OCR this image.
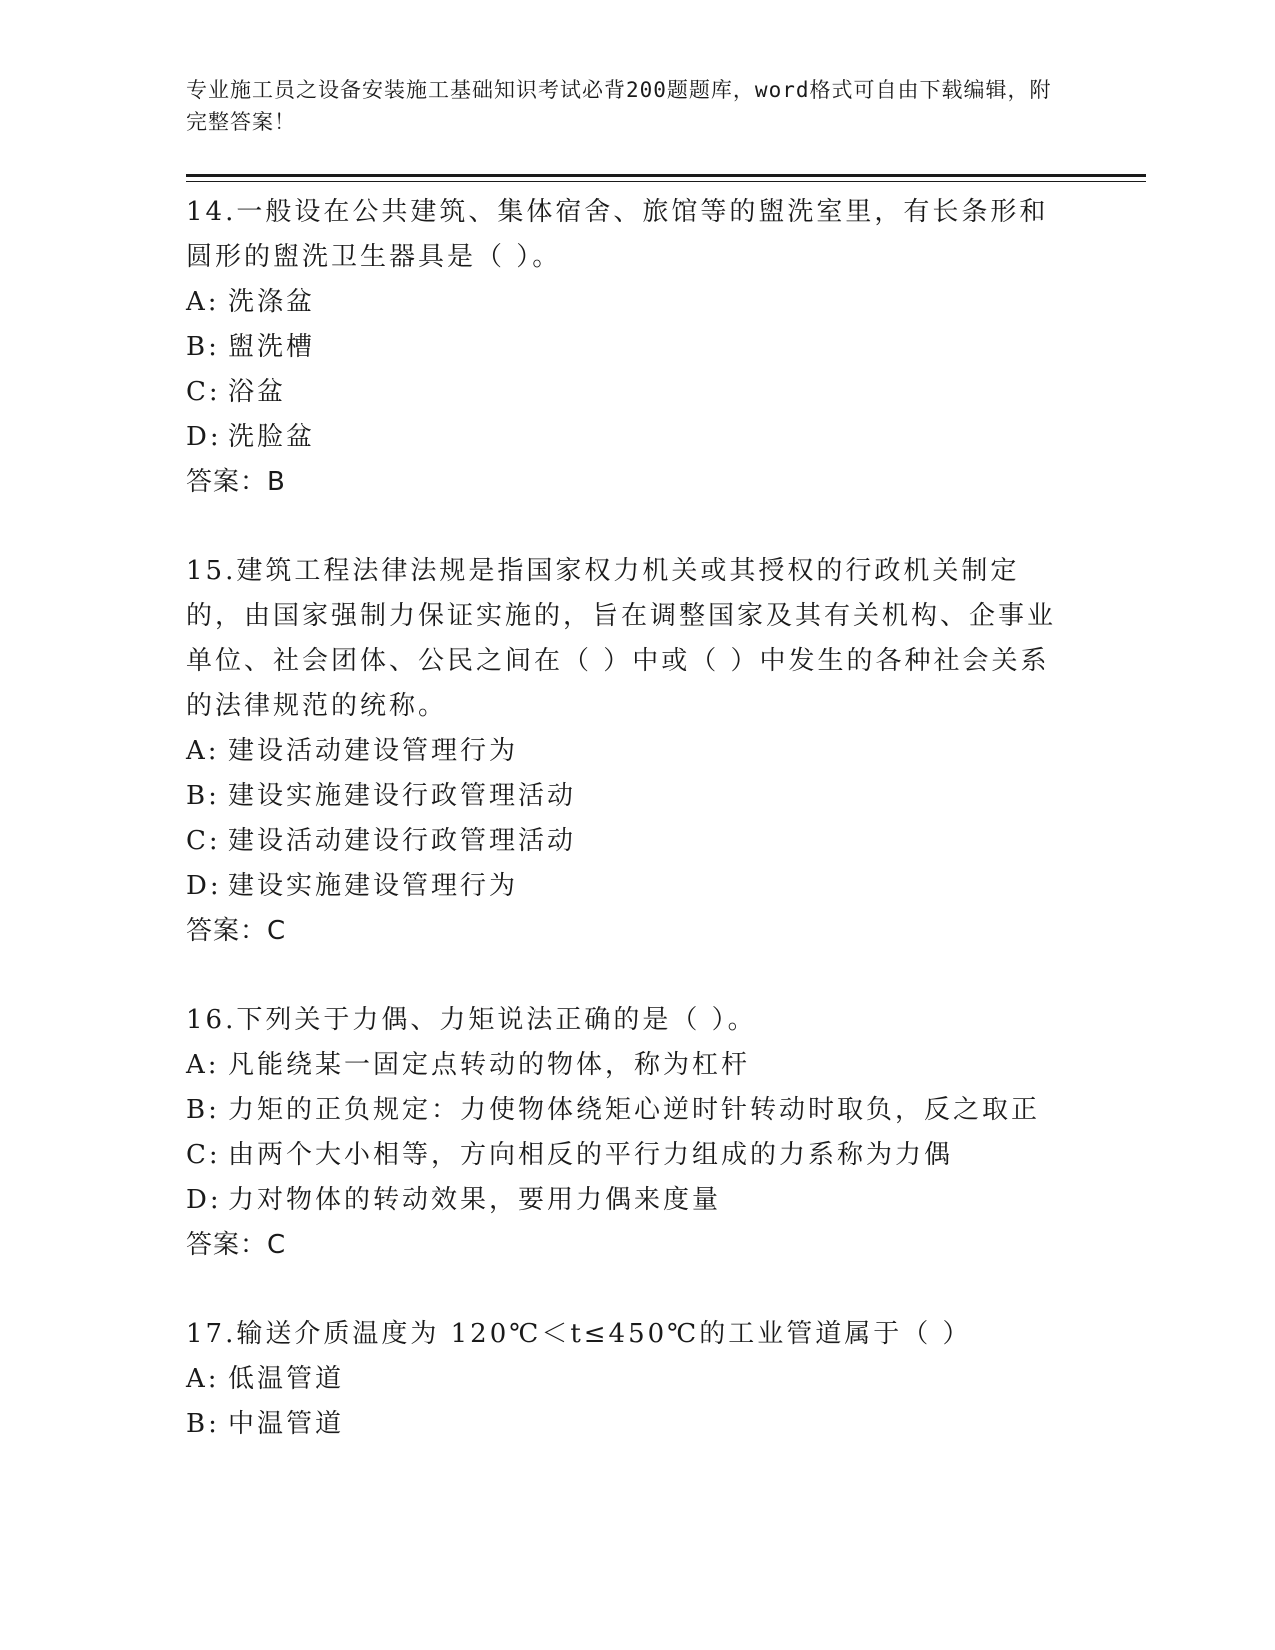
专业施工员之设备安装施工基础知识考试必背200题题库，word格式可自由下载编辑，附完整答案！

14.一般设在公共建筑、集体宿舍、旅馆等的盥洗室里，有长条形和圆形的盥洗卫生器具是（ ）。

A: 洗涤盆

B: 盥洗槽

C: 浴盆

D: 洗脸盆

答案：B

15.建筑工程法律法规是指国家权力机关或其授权的行政机关制定的，由国家强制力保证实施的，旨在调整国家及其有关机构、企事业单位、社会团体、公民之间在（ ）中或（ ）中发生的各种社会关系的法律规范的统称。

A: 建设活动建设管理行为

B: 建设实施建设行政管理活动

C: 建设活动建设行政管理活动

D: 建设实施建设管理行为

答案：C

16.下列关于力偶、力矩说法正确的是（ ）。

A: 凡能绕某一固定点转动的物体，称为杠杆

B: 力矩的正负规定：力使物体绕矩心逆时针转动时取负，反之取正

C: 由两个大小相等，方向相反的平行力组成的力系称为力偶

D: 力对物体的转动效果，要用力偶来度量

答案：C

17.输送介质温度为 120℃＜t≤450℃的工业管道属于（ ）

A: 低温管道

B: 中温管道
